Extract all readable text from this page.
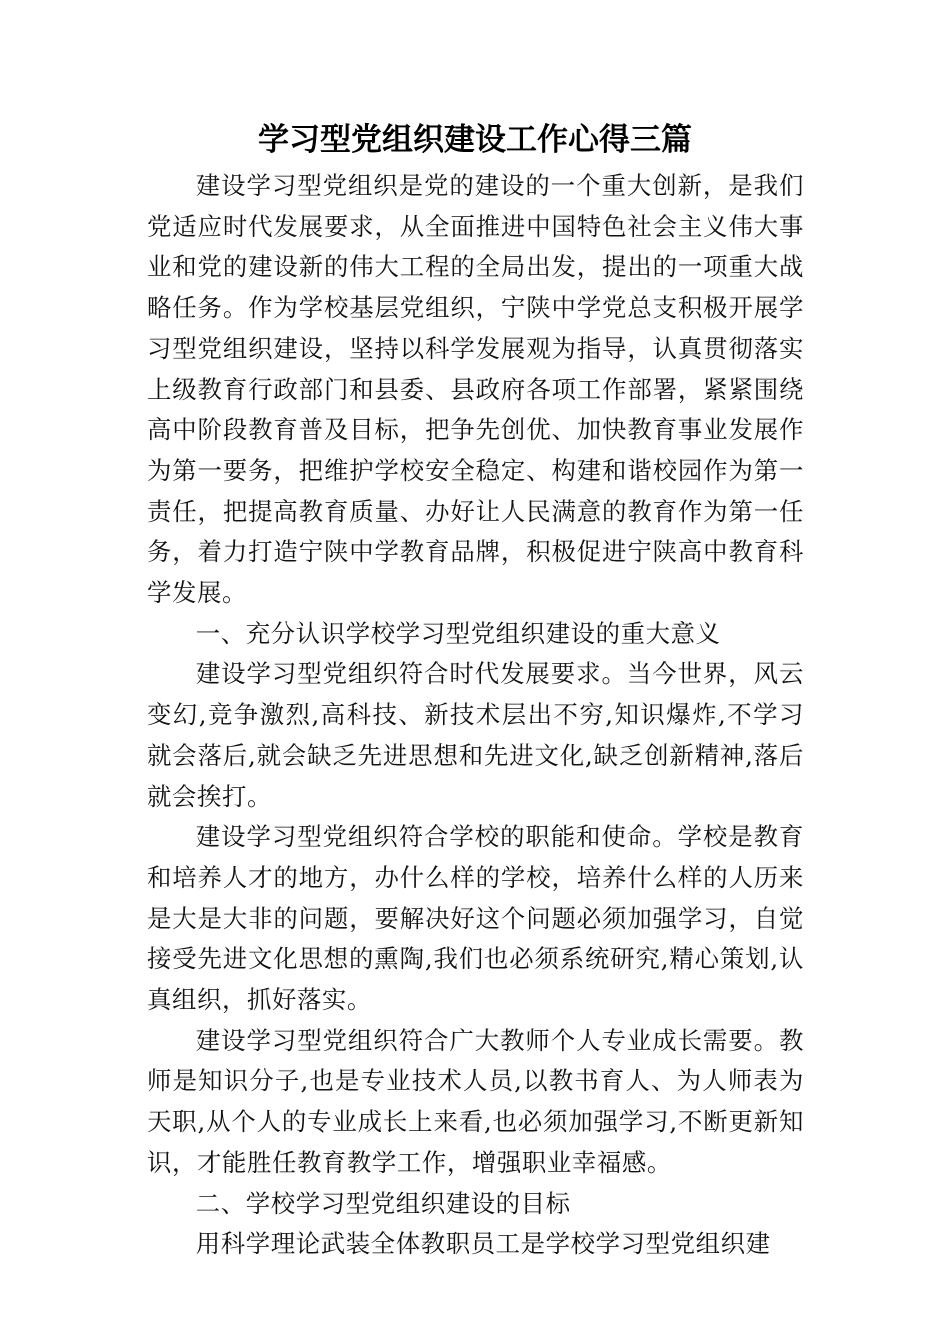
学习型党组织建设工作心得三篇

建设学习型党组织是党的建设的一个重大创新，是我们党适应时代发展要求，从全面推进中国特色社会主义伟大事业和党的建设新的伟大工程的全局出发，提出的一项重大战略任务。作为学校基层党组织，宁陕中学党总支积极开展学习型党组织建设，坚持以科学发展观为指导，认真贯彻落实上级教育行政部门和县委、县政府各项工作部署，紧紧围绕高中阶段教育普及目标，把争先创优、加快教育事业发展作为第一要务，把维护学校安全稳定、构建和谐校园作为第一责任，把提高教育质量、办好让人民满意的教育作为第一任务，着力打造宁陕中学教育品牌，积极促进宁陕高中教育科学发展。

一、充分认识学校学习型党组织建设的重大意义

建设学习型党组织符合时代发展要求。当今世界，风云变幻,竞争激烈,高科技、新技术层出不穷,知识爆炸,不学习就会落后,就会缺乏先进思想和先进文化,缺乏创新精神,落后就会挨打。

建设学习型党组织符合学校的职能和使命。学校是教育和培养人才的地方，办什么样的学校，培养什么样的人历来是大是大非的问题，要解决好这个问题必须加强学习，自觉接受先进文化思想的熏陶,我们也必须系统研究,精心策划,认真组织，抓好落实。

建设学习型党组织符合广大教师个人专业成长需要。教师是知识分子,也是专业技术人员,以教书育人、为人师表为天职,从个人的专业成长上来看,也必须加强学习,不断更新知识，才能胜任教育教学工作，增强职业幸福感。

二、学校学习型党组织建设的目标

用科学理论武装全体教职员工是学校学习型党组织建
